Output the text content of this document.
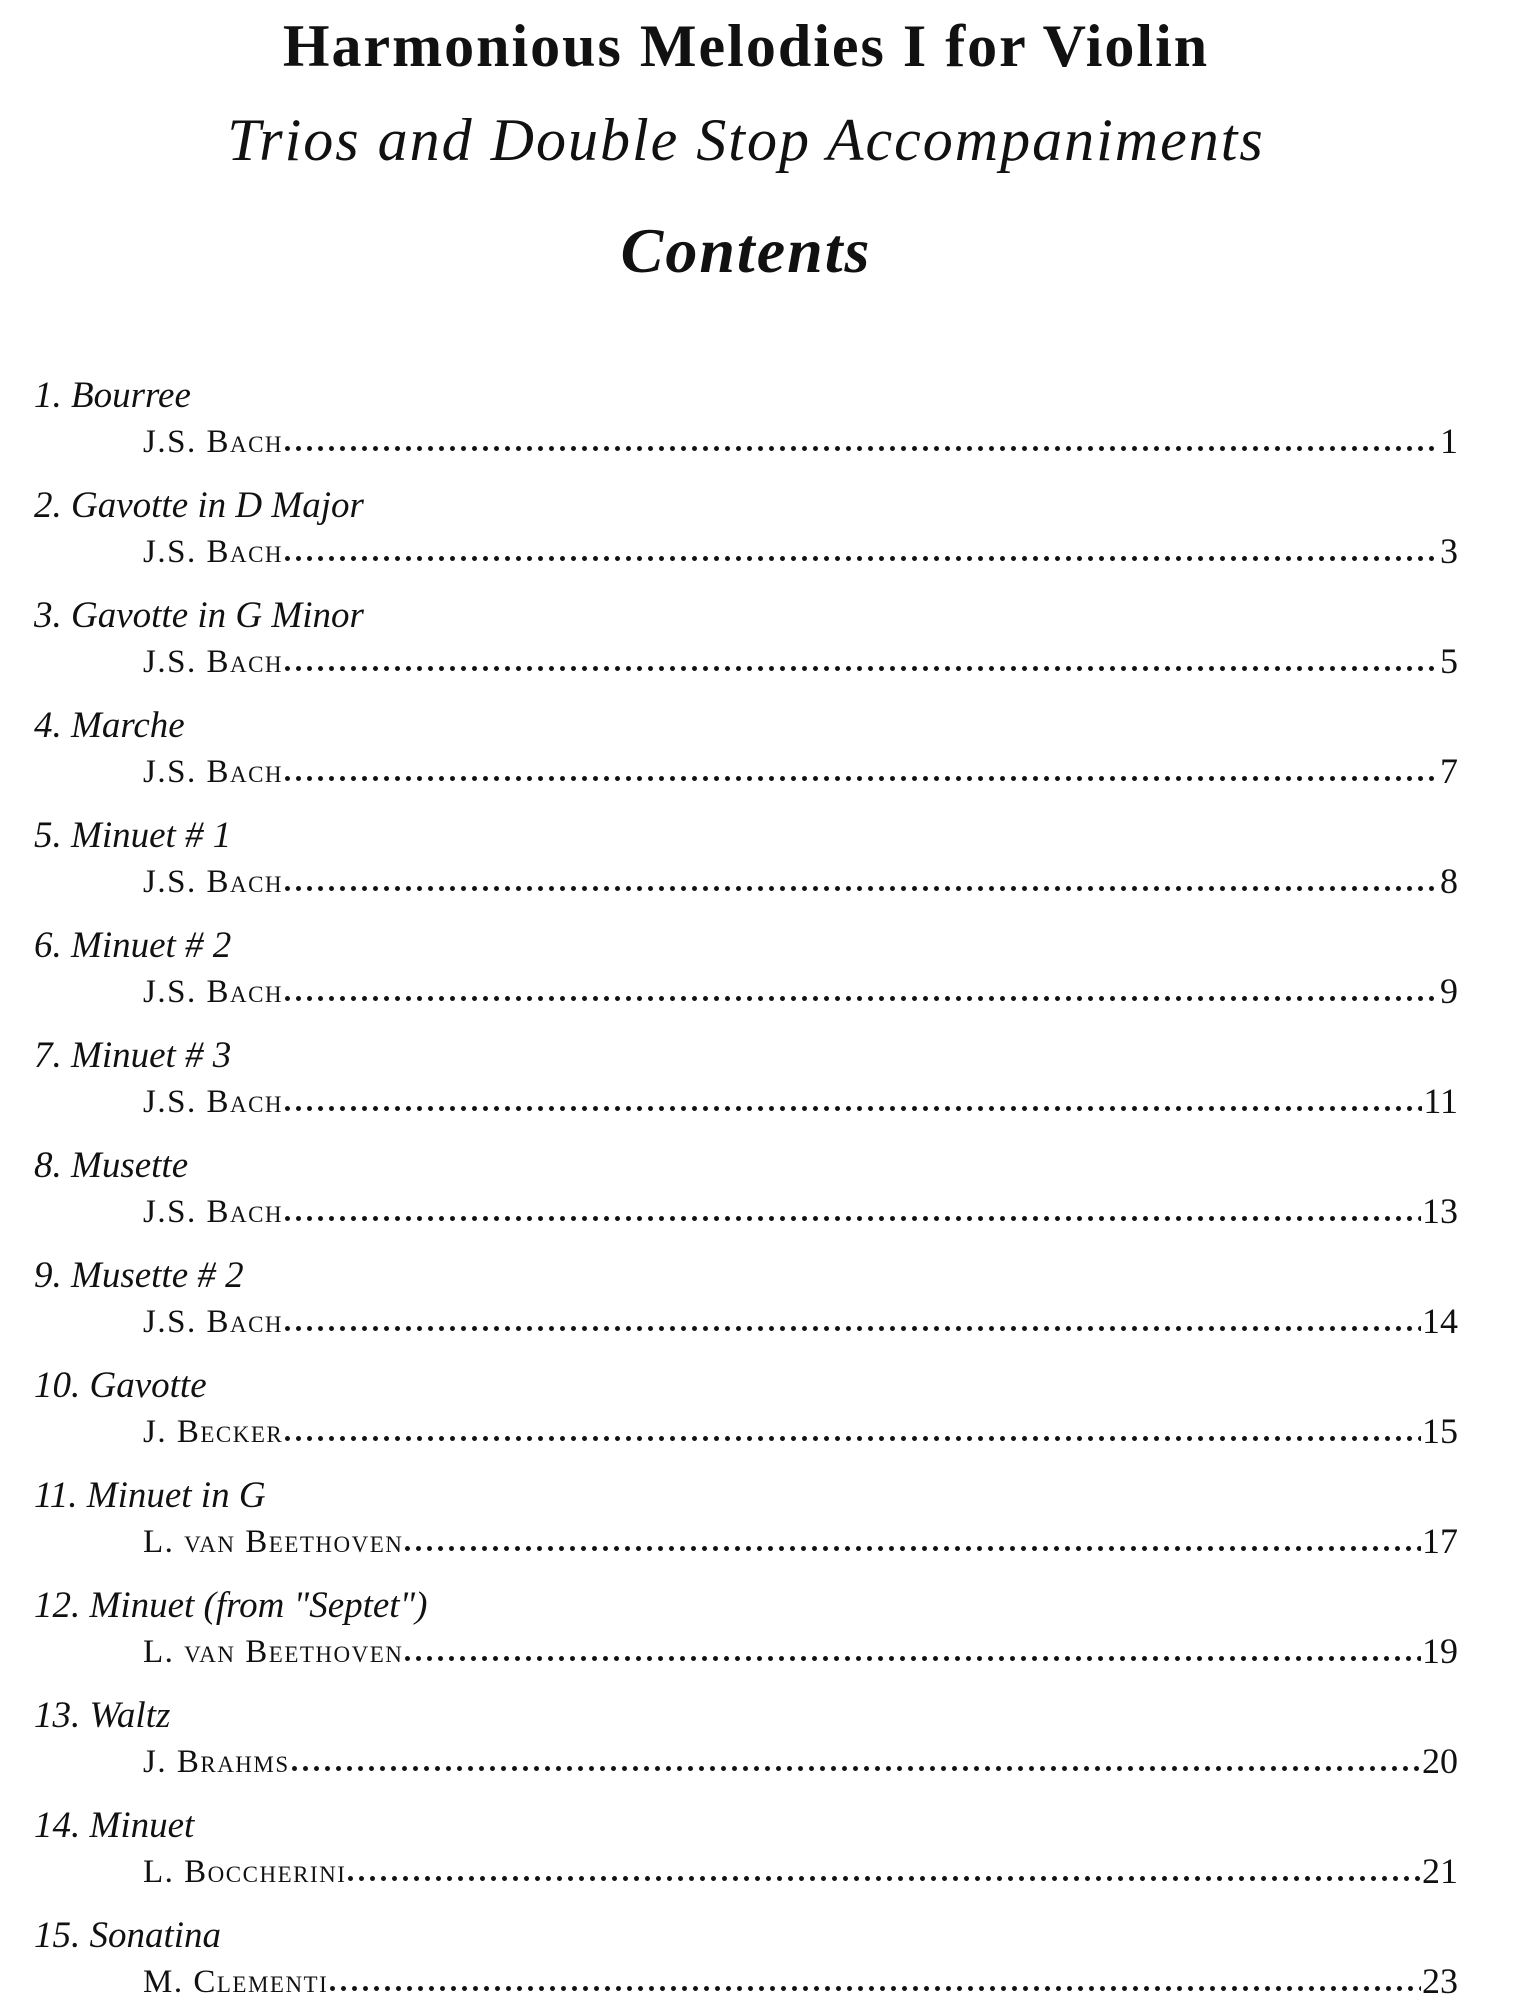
Harmonious Melodies I for Violin
Trios and Double Stop Accompaniments
Contents
1. Bourree
J.S. Bach	1
2. Gavotte in D Major
J.S. Bach	3
3. Gavotte in G Minor
J.S. Bach	5
4. Marche
J.S. Bach	7
5. Minuet # 1
J.S. Bach	8
6. Minuet # 2
J.S. Bach	9
7. Minuet # 3
J.S. Bach	11
8. Musette
J.S. Bach	13
9. Musette # 2
J.S. Bach	14
10. Gavotte
J. Becker	15
11. Minuet in G
L. van Beethoven	17
12. Minuet (from "Septet")
L. van Beethoven	19
13. Waltz
J. Brahms	20
14. Minuet
L. Boccherini	21
15. Sonatina
M. Clementi	23
